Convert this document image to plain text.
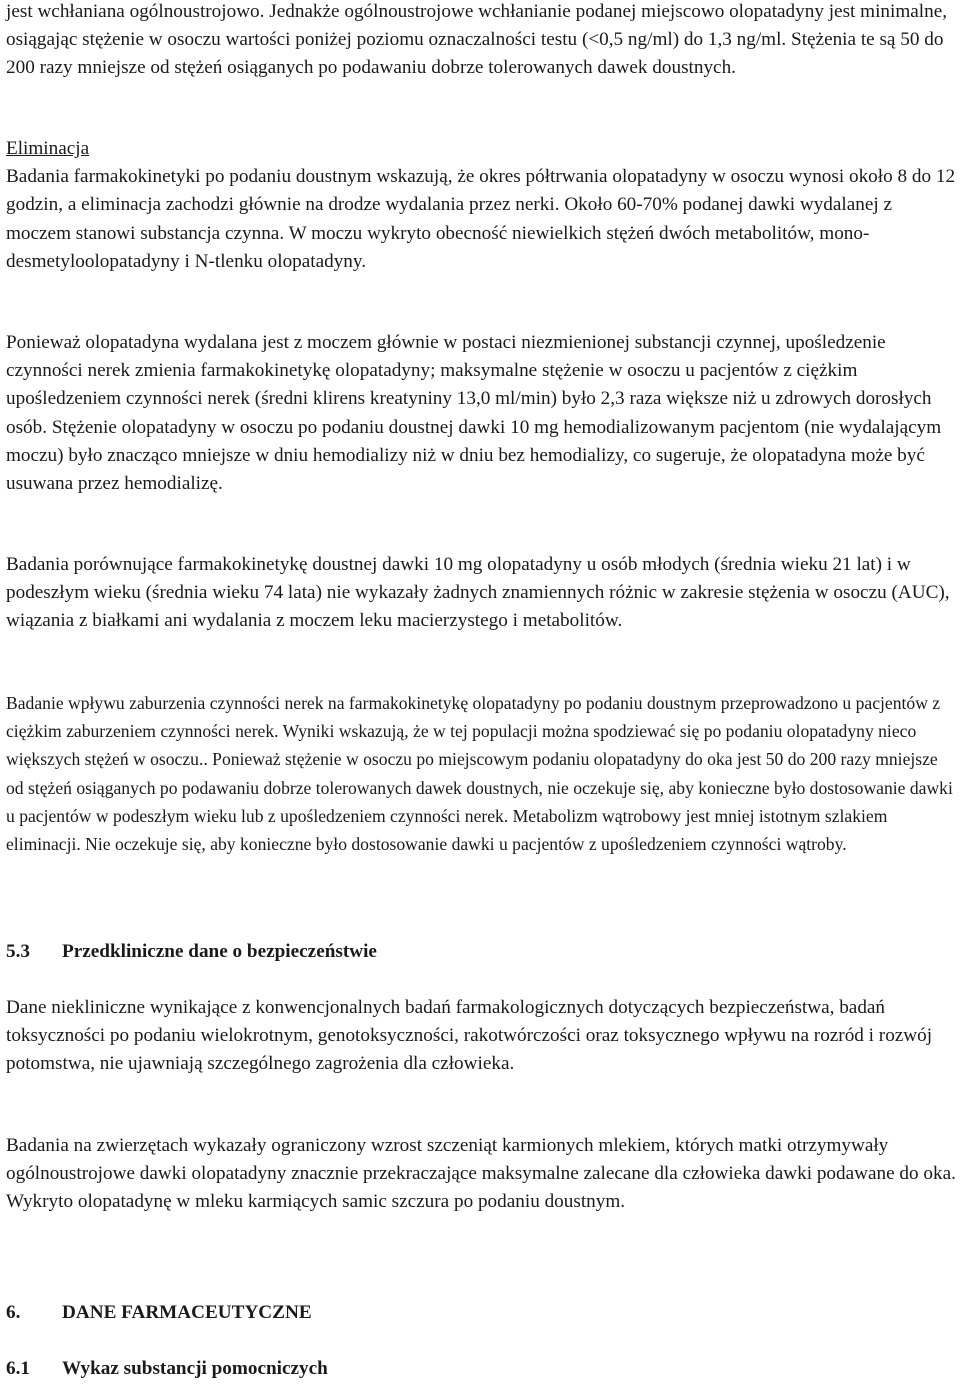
jest wchłaniana ogólnoustrojowo. Jednakże ogólnoustrojowe wchłanianie podanej miejscowo olopatadyny jest minimalne, osiągając stężenie w osoczu wartości poniżej poziomu oznaczalności testu (<0,5 ng/ml) do 1,3 ng/ml. Stężenia te są 50 do 200 razy mniejsze od stężeń osiąganych po podawaniu dobrze tolerowanych dawek doustnych.

Eliminacja
Badania farmakokinetyki po podaniu doustnym wskazują, że okres półtrwania olopatadyny w osoczu wynosi około 8 do 12 godzin, a eliminacja zachodzi głównie na drodze wydalania przez nerki. Około 60-70% podanej dawki wydalanej z moczem stanowi substancja czynna. W moczu wykryto obecność niewielkich stężeń dwóch metabolitów, mono-desmetyloolopatadyny i N-tlenku olopatadyny.

Ponieważ olopatadyna wydalana jest z moczem głównie w postaci niezmienionej substancji czynnej, upośledzenie czynności nerek zmienia farmakokinetykę olopatadyny; maksymalne stężenie w osoczu u pacjentów z ciężkim upośledzeniem czynności nerek (średni klirens kreatyniny 13,0 ml/min) było 2,3 raza większe niż u zdrowych dorosłych osób. Stężenie olopatadyny w osoczu po podaniu doustnej dawki 10 mg hemodializowanym pacjentom (nie wydalającym moczu) było znacząco mniejsze w dniu hemodializy niż w dniu bez hemodializy, co sugeruje, że olopatadyna może być usuwana przez hemodializę.

Badania porównujące farmakokinetykę doustnej dawki 10 mg olopatadyny u osób młodych (średnia wieku 21 lat) i w podeszłym wieku (średnia wieku 74 lata) nie wykazały żadnych znamiennych różnic w zakresie stężenia w osoczu (AUC), wiązania z białkami ani wydalania z moczem leku macierzystego i metabolitów.

Badanie wpływu zaburzenia czynności nerek na farmakokinetykę olopatadyny po podaniu doustnym przeprowadzono u pacjentów z ciężkim zaburzeniem czynności nerek. Wyniki wskazują, że w tej populacji można spodziewać się po podaniu olopatadyny nieco większych stężeń w osoczu.. Ponieważ stężenie w osoczu po miejscowym podaniu olopatadyny do oka jest 50 do 200 razy mniejsze od stężeń osiąganych po podawaniu dobrze tolerowanych dawek doustnych, nie oczekuje się, aby konieczne było dostosowanie dawki u pacjentów w podeszłym wieku lub z upośledzeniem czynności nerek. Metabolizm wątrobowy jest mniej istotnym szlakiem eliminacji. Nie oczekuje się, aby konieczne było dostosowanie dawki u pacjentów z upośledzeniem czynności wątroby.

5.3	Przedkliniczne dane o bezpieczeństwie

Dane niekliniczne wynikające z konwencjonalnych badań farmakologicznych dotyczących bezpieczeństwa, badań toksyczności po podaniu wielokrotnym, genotoksyczności, rakotwórczości oraz toksycznego wpływu na rozród i rozwój potomstwa, nie ujawniają szczególnego zagrożenia dla człowieka.

Badania na zwierzętach wykazały ograniczony wzrost szczeniąt karmionych mlekiem, których matki otrzymywały ogólnoustrojowe dawki olopatadyny znacznie przekraczające maksymalne zalecane dla człowieka dawki podawane do oka. Wykryto olopatadynę w mleku karmiących samic szczura po podaniu doustnym.

6.	DANE FARMACEUTYCZNE
6.1	Wykaz substancji pomocniczych
